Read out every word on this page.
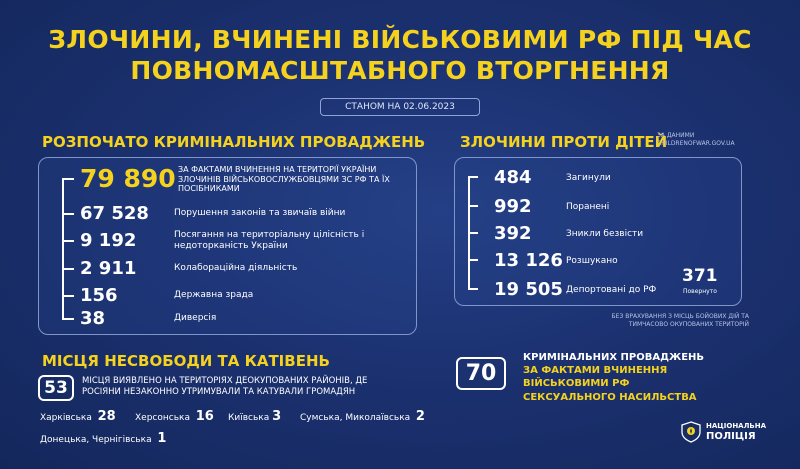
ЗЛОЧИНИ, ВЧИНЕНІ ВІЙСЬКОВИМИ РФ ПІД ЧАС
ПОВНОМАСШТАБНОГО ВТОРГНЕННЯ
СТАНОМ НА 02.06.2023
РОЗПОЧАТО КРИМІНАЛЬНИХ ПРОВАДЖЕНЬ
79 890 ЗА ФАКТАМИ ВЧИНЕННЯ НА ТЕРИТОРІЇ УКРАЇНИ ЗЛОЧИНІВ ВІЙСЬКОВОСЛУЖБОВЦЯМИ ЗС РФ ТА ЇХ ПОСІБНИКАМИ
67 528	Порушення законів та звичаїв війни
9 192	Посягання на територіальну цілісність і недоторканість України
2 911	Колабораційна діяльність
156	Державна зрада
38	Диверсія
ЗЛОЧИНИ ПРОТИ ДІТЕЙ
ЗА ДАНИМИ CHILDRENOFWAR.GOV.UA
484	Загинули
992	Поранені
392	Зникли безвісти
13 126 Розшукано
19 505 Депортовані до РФ
371
Повернуто
БЕЗ ВРАХУВАННЯ З МІСЦЬ БОЙОВИХ ДІЙ ТА ТИМЧАСОВО ОКУПОВАНИХ ТЕРИТОРІЙ
МІСЦЯ НЕСВОБОДИ ТА КАТІВЕНЬ
53	МІСЦЯ ВИЯВЛЕНО НА ТЕРИТОРІЯХ ДЕОКУПОВАНИХ РАЙОНІВ, ДЕ РОСІЯНИ НЕЗАКОННО УТРИМУВАЛИ ТА КАТУВАЛИ ГРОМАДЯН
Харківська 28 Херсонська 16 Київська 3 Сумська, Миколаївська 2
Донецька, Чернігівська 1
70
КРИМІНАЛЬНИХ ПРОВАДЖЕНЬ
ЗА ФАКТАМИ ВЧИНЕННЯ
ВІЙСЬКОВИМИ РФ
СЕКСУАЛЬНОГО НАСИЛЬСТВА
НАЦІОНАЛЬНА
ПОЛІЦІЯ
